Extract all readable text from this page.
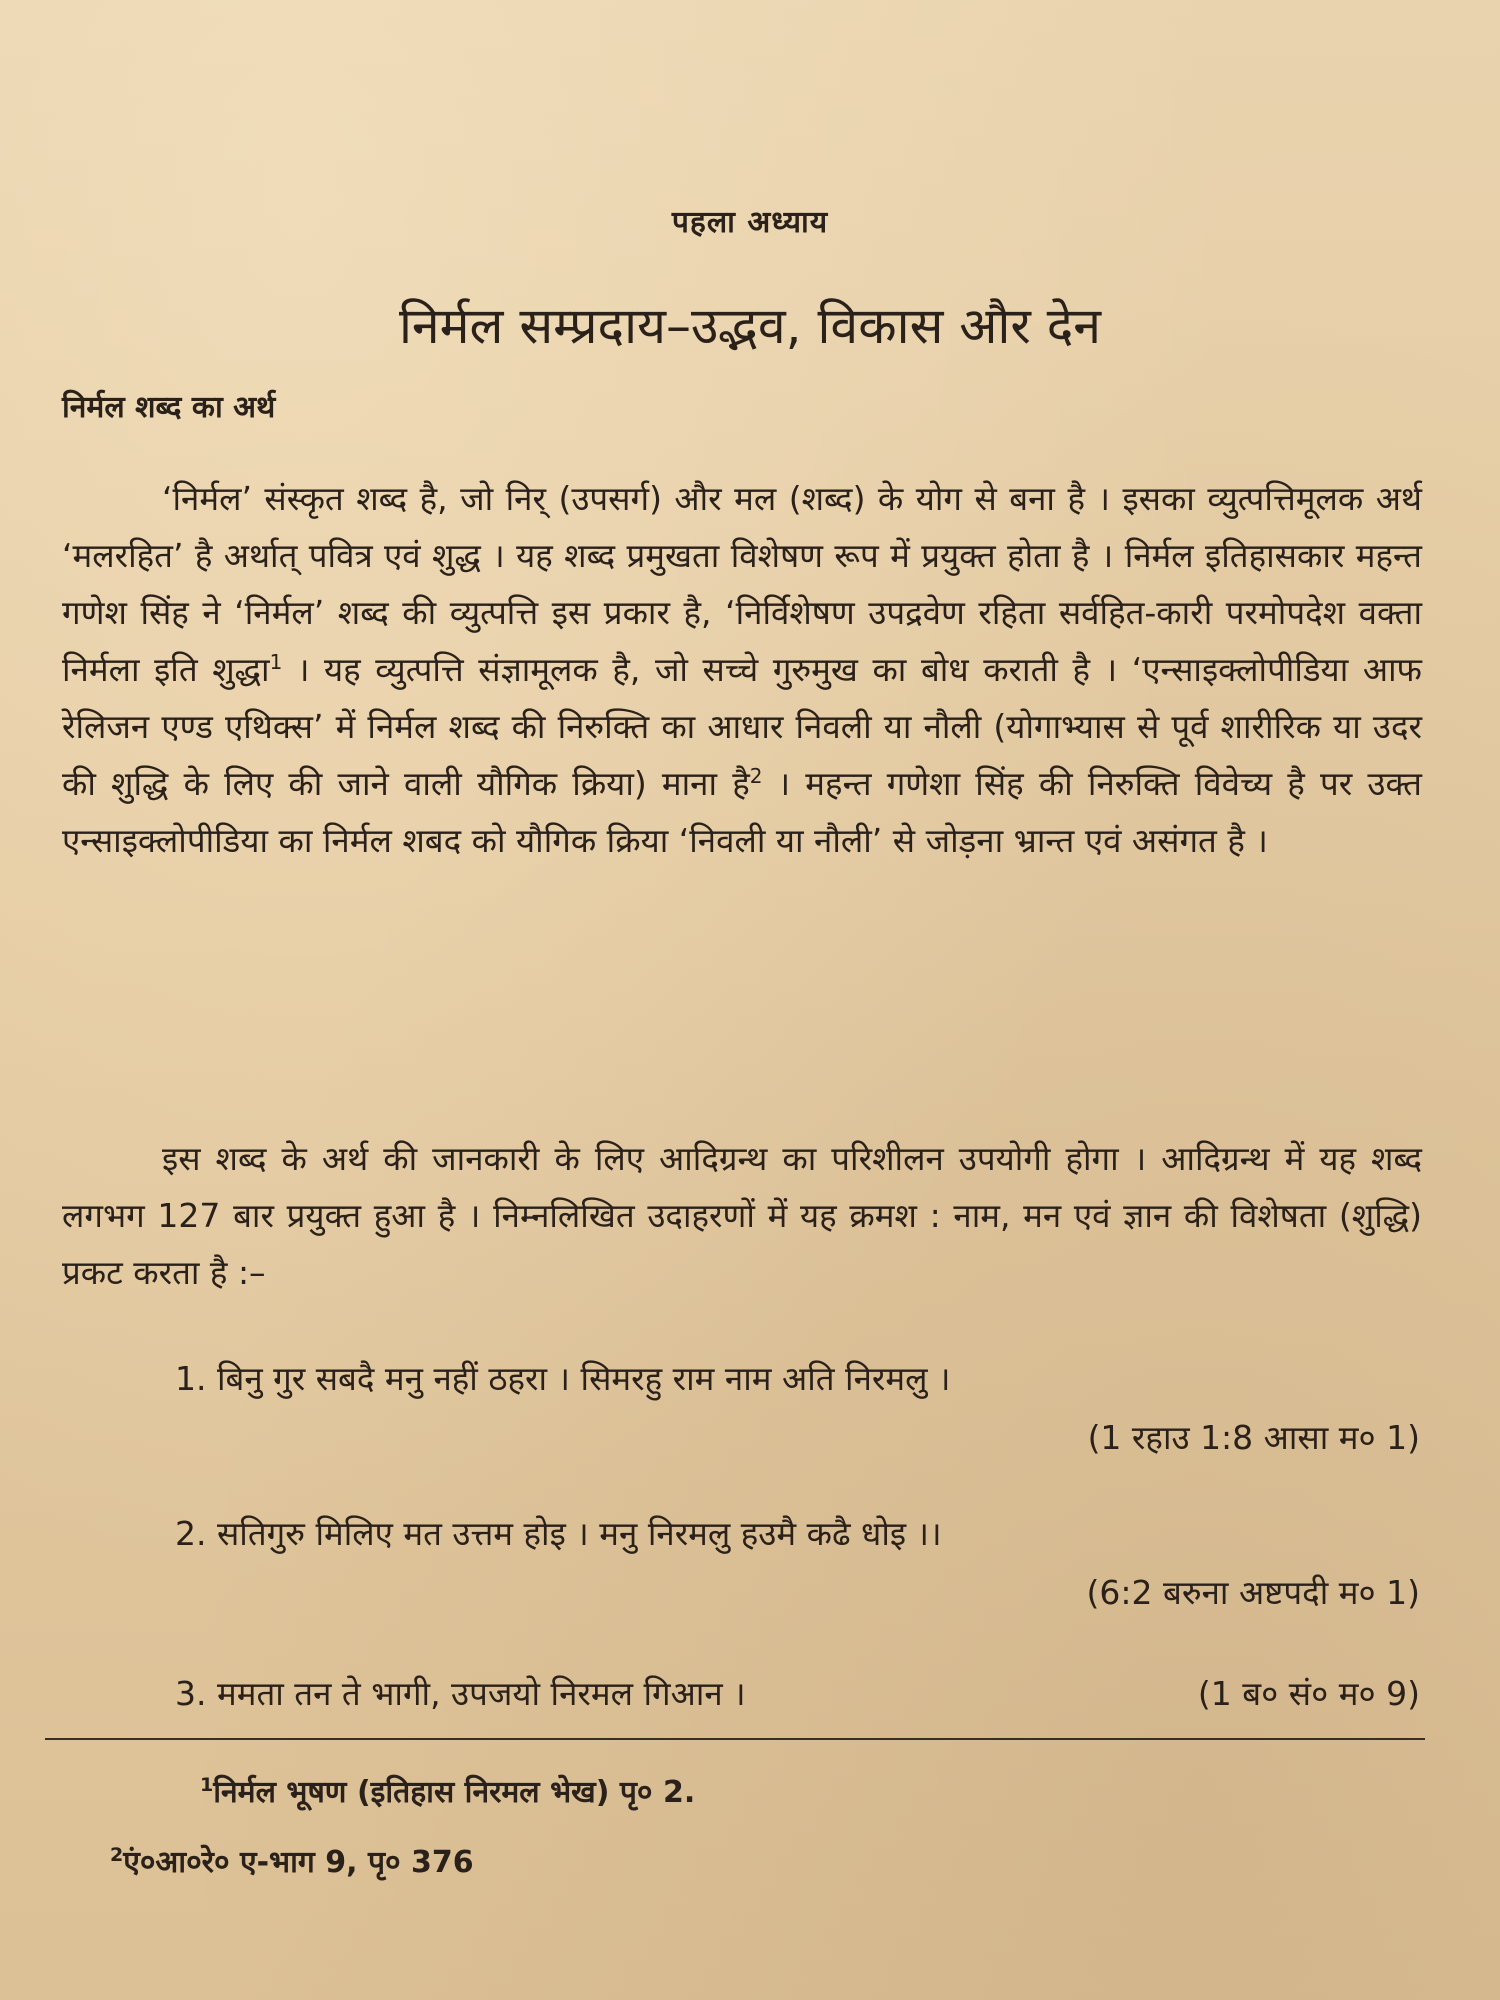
पहला अध्याय
निर्मल सम्प्रदाय–उद्भव, विकास और देन
निर्मल शब्द का अर्थ
‘निर्मल’ संस्कृत शब्द है, जो निर् (उपसर्ग) और मल (शब्द) के योग से बना है । इसका व्युत्पत्तिमूलक अर्थ ‘मलरहित’ है अर्थात् पवित्र एवं शुद्ध । यह शब्द प्रमुखता विशेषण रूप में प्रयुक्त होता है । निर्मल इतिहासकार महन्त गणेश सिंह ने ‘निर्मल’ शब्द की व्युत्पत्ति इस प्रकार है, ‘निर्विशेषण उपद्रवेण रहिता सर्वहित-कारी परमोपदेश वक्ता निर्मला इति शुद्धा$^1$ । यह व्युत्पत्ति संज्ञामूलक है, जो सच्चे गुरुमुख का बोध कराती है । ‘एन्साइक्लोपीडिया आफ रेलिजन एण्ड एथिक्स’ में निर्मल शब्द की निरुक्ति का आधार निवली या नौली (योगाभ्यास से पूर्व शारीरिक या उदर की शुद्धि के लिए की जाने वाली यौगिक क्रिया) माना है$^2$ । महन्त गणेशा सिंह की निरुक्ति विवेच्य है पर उक्त एन्साइक्लोपीडिया का निर्मल शबद को यौगिक क्रिया ‘निवली या नौली’ से जोड़ना भ्रान्त एवं असंगत है ।
इस शब्द के अर्थ की जानकारी के लिए आदिग्रन्थ का परिशीलन उपयोगी होगा । आदिग्रन्थ में यह शब्द लगभग 127 बार प्रयुक्त हुआ है । निम्नलिखित उदाहरणों में यह क्रमश : नाम, मन एवं ज्ञान की विशेषता (शुद्धि) प्रकट करता है :–
1. बिनु गुर सबदै मनु नहीं ठहरा । सिमरहु राम नाम अति निरमलु ।
(1 रहाउ 1:8 आसा म० 1)
2. सतिगुरु मिलिए मत उत्तम होइ । मनु निरमलु हउमै कढै धोइ ।।
(6:2 बरुना अष्टपदी म० 1)
3. ममता तन ते भागी, उपजयो निरमल गिआन ।	(1 ब० सं० म० 9)
$^1$निर्मल भूषण (इतिहास निरमल भेख) पृ० 2.
$^2$एं०आ०रे० ए-भाग 9, पृ० 376
